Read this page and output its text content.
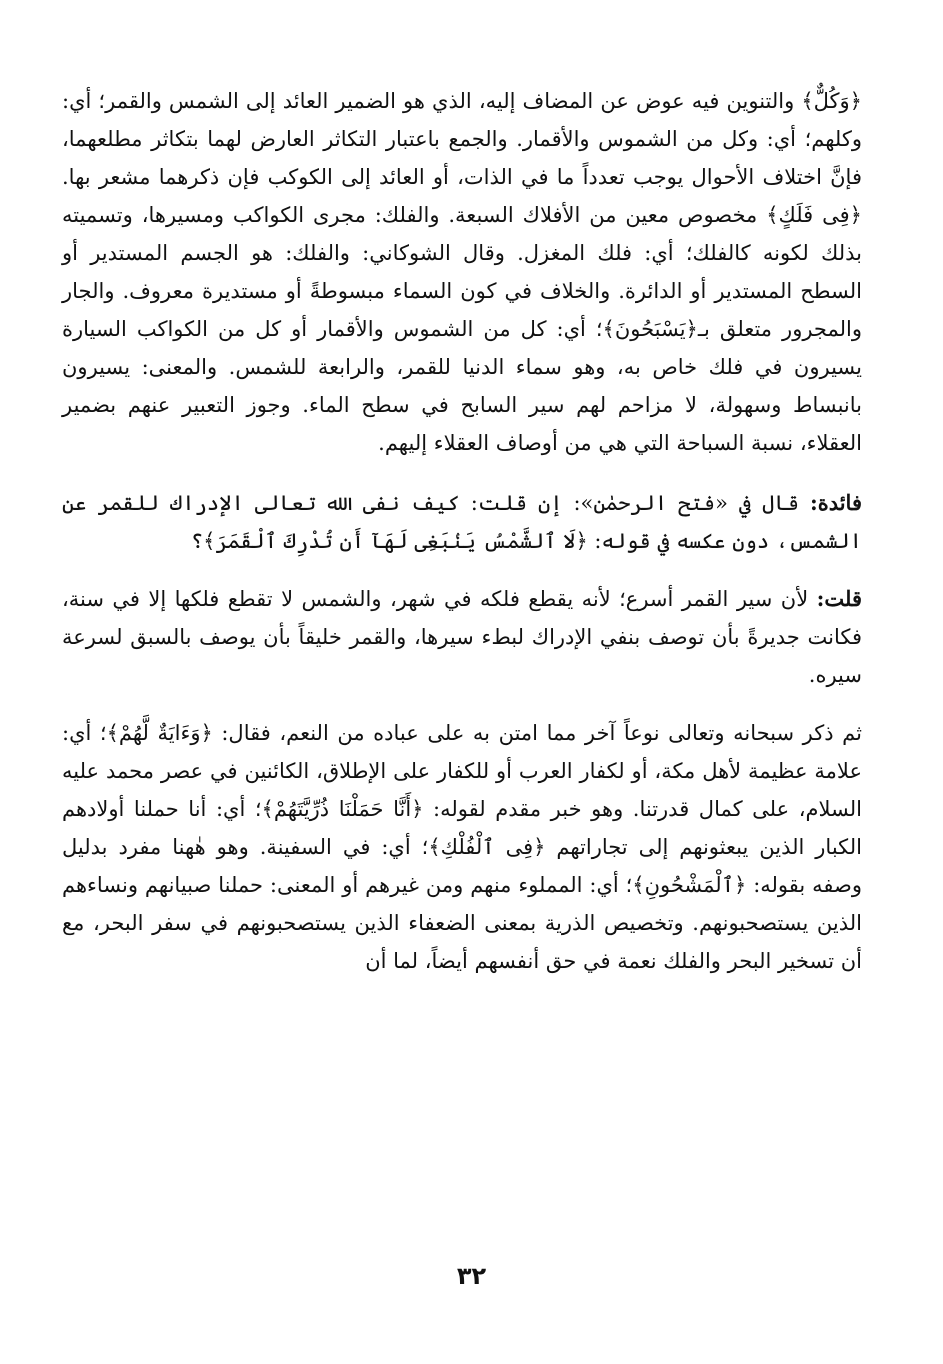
﴿وَكُلٌّ﴾ والتنوين فيه عوض عن المضاف إليه، الذي هو الضمير العائد إلى الشمس والقمر؛ أي: وكلهم؛ أي: وكل من الشموس والأقمار. والجمع باعتبار التكاثر العارض لهما بتكاثر مطلعهما، فإنَّ اختلاف الأحوال يوجب تعدداً ما في الذات، أو العائد إلى الكوكب فإن ذكرهما مشعر بها. ﴿فِى فَلَكٍ﴾ مخصوص معين من الأفلاك السبعة. والفلك: مجرى الكواكب ومسيرها، وتسميته بذلك لكونه كالفلك؛ أي: فلك المغزل. وقال الشوكاني: والفلك: هو الجسم المستدير أو السطح المستدير أو الدائرة. والخلاف في كون السماء مبسوطةً أو مستديرة معروف. والجار والمجرور متعلق بـ﴿يَسْبَحُونَ﴾؛ أي: كل من الشموس والأقمار أو كل من الكواكب السيارة يسيرون في فلك خاص به، وهو سماء الدنيا للقمر، والرابعة للشمس. والمعنى: يسيرون بانبساط وسهولة، لا مزاحم لهم سير السابح في سطح الماء. وجوز التعبير عنهم بضمير العقلاء، نسبة السباحة التي هي من أوصاف العقلاء إليهم.

فائدة: قال في «فتح الرحمٰن»: إن قلت: كيف نفى الله تعالى الإدراك للقمر عن الشمس، دون عكسه في قوله: ﴿لَا ٱلشَّمْسُ يَنۢبَغِى لَهَآ أَن تُدْرِكَ ٱلْقَمَرَ﴾؟

قلت: لأن سير القمر أسرع؛ لأنه يقطع فلكه في شهر، والشمس لا تقطع فلكها إلا في سنة، فكانت جديرةً بأن توصف بنفي الإدراك لبطء سيرها، والقمر خليقاً بأن يوصف بالسبق لسرعة سيره.

ثم ذكر سبحانه وتعالى نوعاً آخر مما امتن به على عباده من النعم، فقال: ﴿وَءَايَةٌ لَّهُمْ﴾؛ أي: علامة عظيمة لأهل مكة، أو لكفار العرب أو للكفار على الإطلاق، الكائنين في عصر محمد عليه السلام، على كمال قدرتنا. وهو خبر مقدم لقوله: ﴿أَنَّا حَمَلْنَا ذُرِّيَّتَهُمْ﴾؛ أي: أنا حملنا أولادهم الكبار الذين يبعثونهم إلى تجاراتهم ﴿فِى ٱلْفُلْكِ﴾؛ أي: في السفينة. وهو هٰهنا مفرد بدليل وصفه بقوله: ﴿ٱلْمَشْحُونِ﴾؛ أي: المملوء منهم ومن غيرهم أو المعنى: حملنا صبيانهم ونساءهم الذين يستصحبونهم. وتخصيص الذرية بمعنى الضعفاء الذين يستصحبونهم في سفر البحر، مع أن تسخير البحر والفلك نعمة في حق أنفسهم أيضاً، لما أن

٣٢
